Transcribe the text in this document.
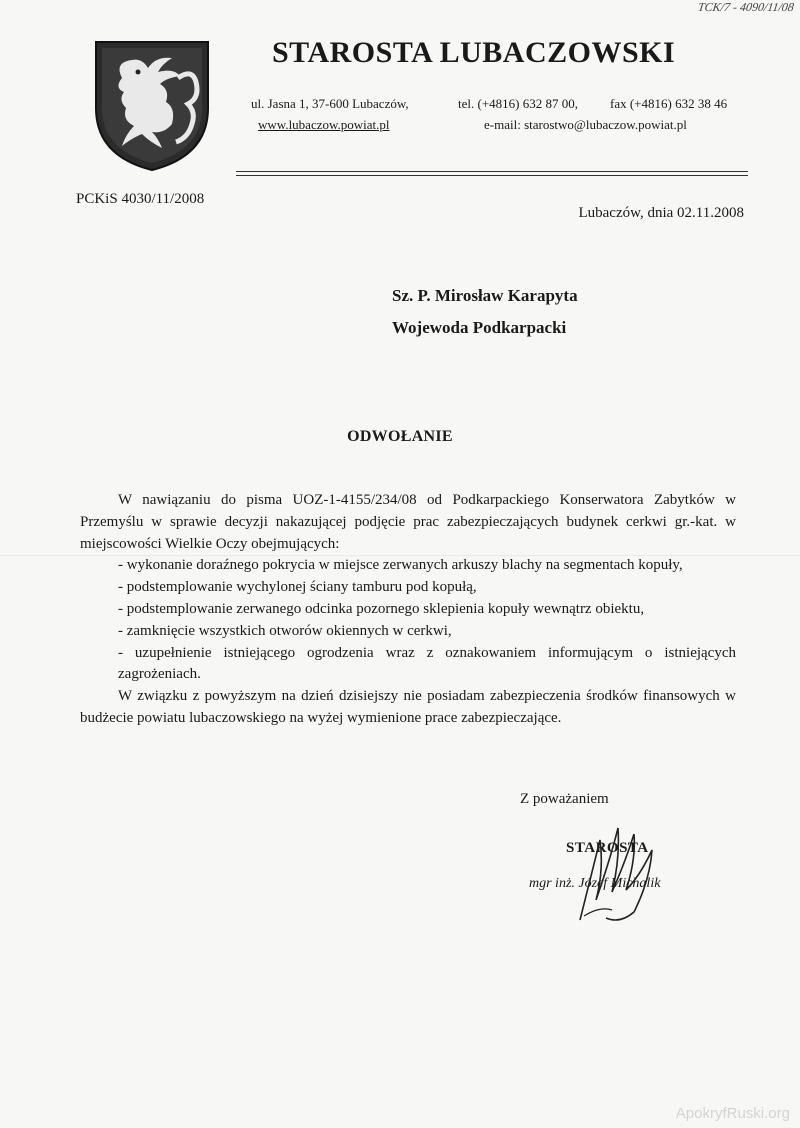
TCK/7 - 4090/11/08
STAROSTA LUBACZOWSKI
ul. Jasna 1, 37-600 Lubaczów,	tel. (+4816) 632 87 00, fax (+4816) 632 38 46
www.lubaczow.powiat.pl	e-mail: starostwo@lubaczow.powiat.pl
PCKiS 4030/11/2008
Lubaczów, dnia 02.11.2008
Sz. P. Mirosław Karapyta
Wojewoda Podkarpacki
ODWOŁANIE

W nawiązaniu do pisma UOZ-1-4155/234/08 od Podkarpackiego Konserwatora Zabytków w Przemyślu w sprawie decyzji nakazującej podjęcie prac zabezpieczających budynek cerkwi gr.-kat. w miejscowości Wielkie Oczy obejmujących:

- wykonanie doraźnego pokrycia w miejsce zerwanych arkuszy blachy na segmentach kopuły,

- podstemplowanie wychylonej ściany tamburu pod kopułą,

- podstemplowanie zerwanego odcinka pozornego sklepienia kopuły wewnątrz obiektu,

- zamknięcie wszystkich otworów okiennych w cerkwi,

- uzupełnienie istniejącego ogrodzenia wraz z oznakowaniem informującym o istniejących zagrożeniach.

W związku z powyższym na dzień dzisiejszy nie posiadam zabezpieczenia środków finansowych w budżecie powiatu lubaczowskiego na wyżej wymienione prace zabezpieczające.

Z poważaniem
STAROSTA
mgr inż. Józef Michalik
ApokryfRuski.org
